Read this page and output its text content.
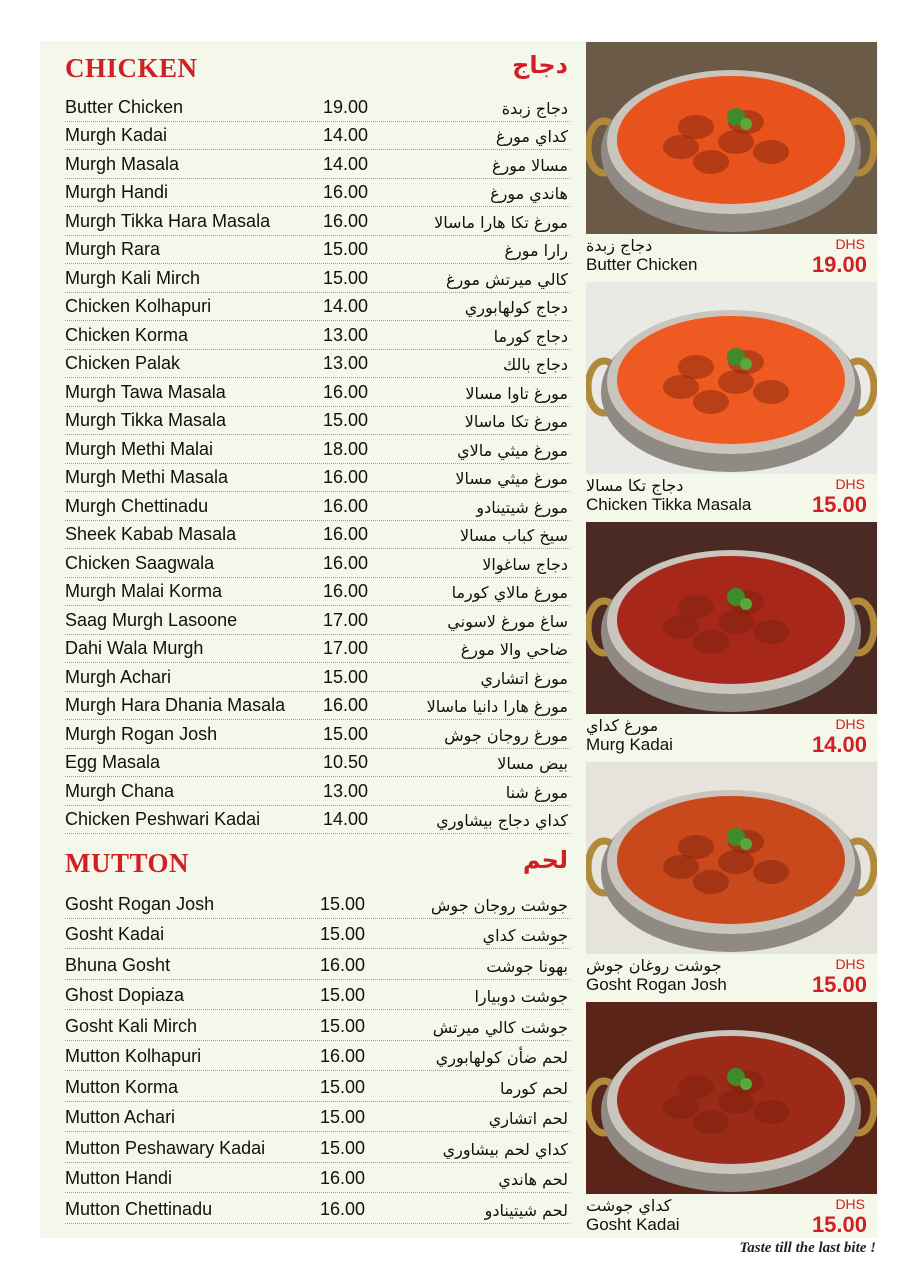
CHICKEN	دجاج
Butter Chicken	19.00	دجاج زبدة
Murgh Kadai	14.00	كداي مورغ
Murgh Masala	14.00	مسالا مورغ
Murgh Handi	16.00	هاندي مورغ
Murgh Tikka Hara Masala	16.00	مورغ تكا هارا ماسالا
Murgh Rara	15.00	رارا مورغ
Murgh Kali Mirch	15.00	كالي ميرتش مورغ
Chicken Kolhapuri	14.00	دجاج كولهابوري
Chicken Korma	13.00	دجاج كورما
Chicken Palak	13.00	دجاج بالك
Murgh Tawa Masala	16.00	مورغ تاوا مسالا
Murgh Tikka Masala	15.00	مورغ تكا ماسالا
Murgh Methi Malai	18.00	مورغ ميثي مالاي
Murgh Methi Masala	16.00	مورغ ميثي مسالا
Murgh Chettinadu	16.00	مورغ شيتينادو
Sheek Kabab Masala	16.00	سيخ كباب مسالا
Chicken Saagwala	16.00	دجاج ساغوالا
Murgh Malai Korma	16.00	مورغ مالاي كورما
Saag Murgh Lasoone	17.00	ساغ مورغ لاسوني
Dahi Wala Murgh	17.00	ضاحي والا مورغ
Murgh Achari	15.00	مورغ اتشاري
Murgh Hara Dhania Masala 16.00	مورغ هارا دانيا ماسالا
Murgh Rogan Josh	15.00	مورغ روجان جوش
Egg Masala	10.50	بيض مسالا
Murgh Chana	13.00	مورغ شنا
Chicken Peshwari Kadai	14.00	كداي دجاج بيشاوري
MUTTON	لحم
Gosht Rogan Josh	15.00	جوشت روجان جوش
Gosht Kadai	15.00	جوشت كداي
Bhuna Gosht	16.00	بهونا جوشت
Ghost Dopiaza	15.00	جوشت دوبيارا
Gosht Kali Mirch	15.00	جوشت كالي ميرتش
Mutton Kolhapuri	16.00	لحم ضأن كولهابوري
Mutton Korma	15.00	لحم كورما
Mutton Achari	15.00	لحم اتشاري
Mutton Peshawary Kadai	15.00	كداي لحم بيشاوري
Mutton Handi	16.00	لحم هاندي
Mutton Chettinadu	16.00	لحم شيتينادو
دجاج زبدة
Butter Chicken
DHS
19.00
دجاج تكا مسالا
Chicken Tikka Masala
DHS
15.00
مورغ كداي
Murg Kadai
DHS
14.00
جوشت روغان جوش
Gosht Rogan Josh
DHS
15.00
كداي جوشت
Gosht Kadai
DHS
15.00
Taste till the last bite !
